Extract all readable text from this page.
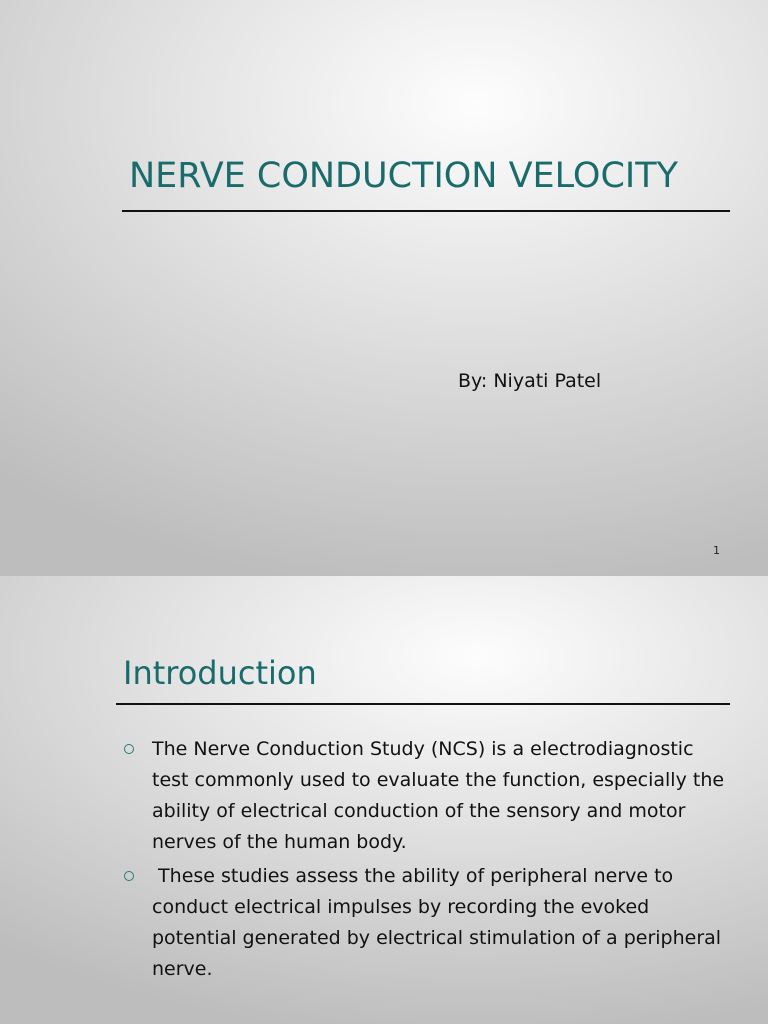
NERVE CONDUCTION VELOCITY
By: Niyati Patel
1
Introduction
The Nerve Conduction Study (NCS) is a electrodiagnostic test commonly used to evaluate the function, especially the ability of electrical conduction of the sensory and motor nerves of the human body.
These studies assess the ability of peripheral nerve to conduct electrical impulses by recording the evoked potential generated by electrical stimulation of a peripheral nerve.
